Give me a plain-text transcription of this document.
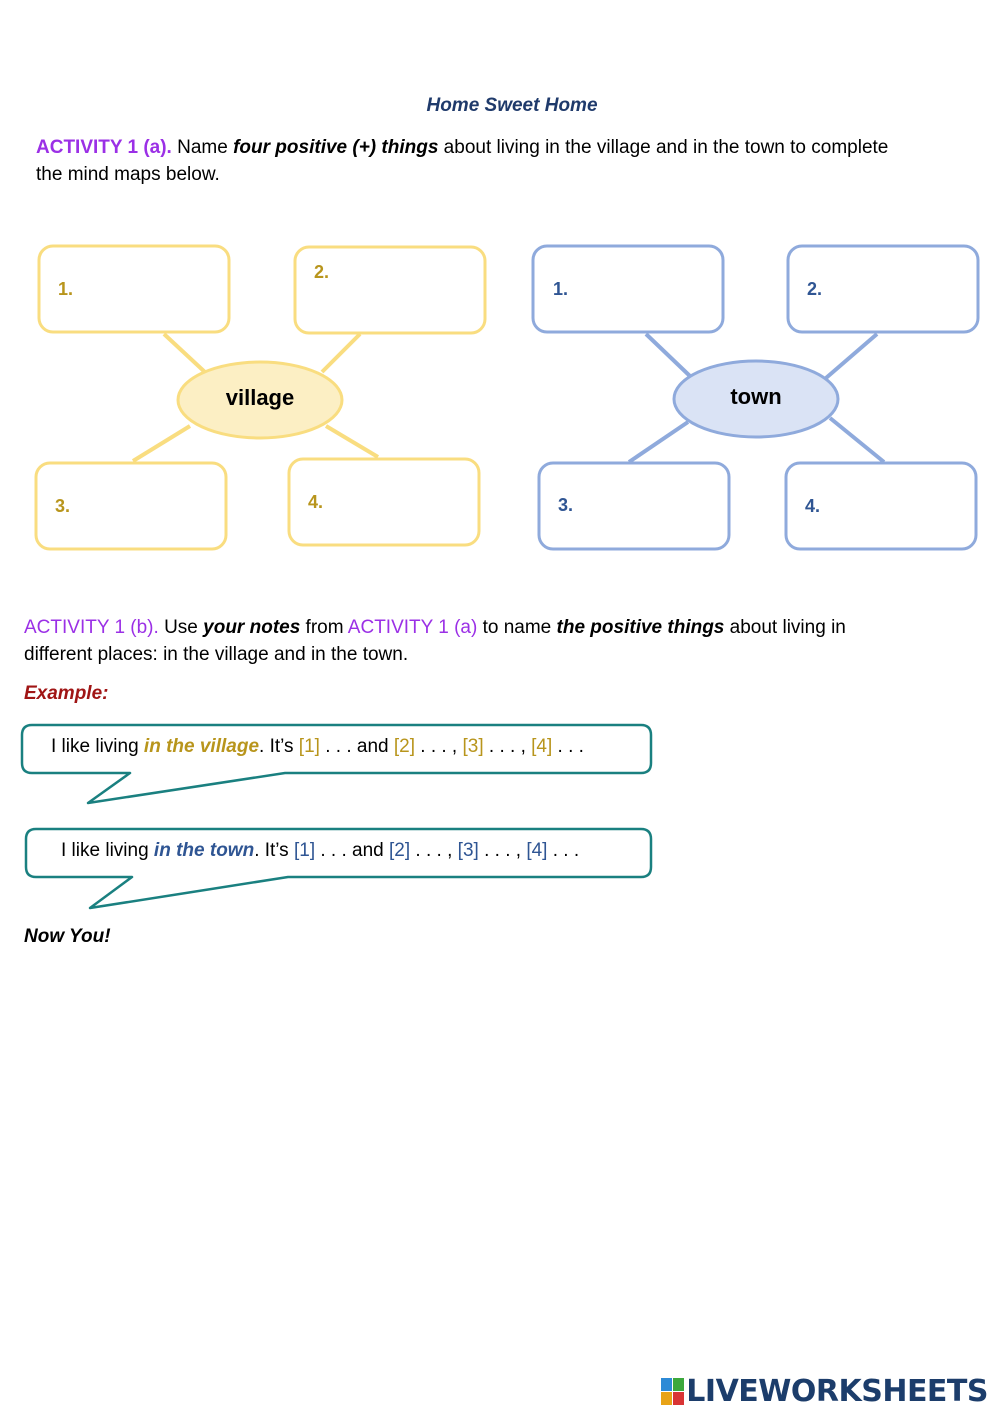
Home Sweet Home
ACTIVITY 1 (a). Name four positive (+) things about living in the village and in the town to complete
the mind maps below.
1.
2.
3.	4.
village
1.	2.
3.	4.
town
ACTIVITY 1 (b). Use your notes from ACTIVITY 1 (a) to name the positive things about living in
different places: in the village and in the town.
Example:
I like living in the village. It’s [1] . . . and [2] . . . , [3] . . . , [4] . . .
I like living in the town. It’s [1] . . . and [2] . . . , [3] . . . , [4] . . .
Now You!
LIVEWORKSHEETS
